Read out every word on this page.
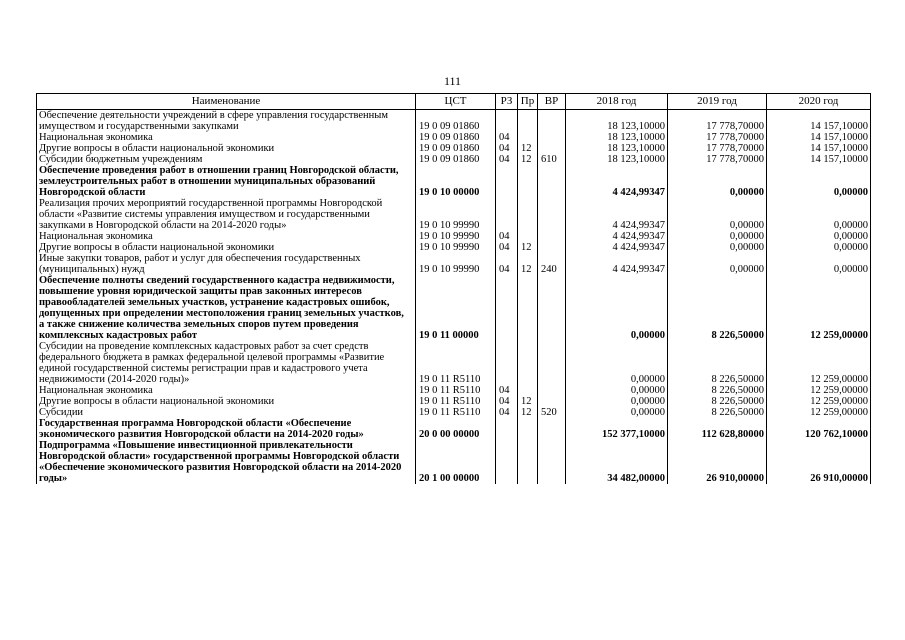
111
Наименование	ЦСТ	РЗ	Пр	ВР	2018 год	2019 год	2020 год
Обеспечение деятельности учреждений в сфере управления государственным имуществом и государственными закупками	19 0 09 01860				18 123,10000	17 778,70000	14 157,10000
Национальная экономика	19 0 09 01860	04			18 123,10000	17 778,70000	14 157,10000
Другие вопросы в области национальной экономики	19 0 09 01860	04	12		18 123,10000	17 778,70000	14 157,10000
Субсидии бюджетным учреждениям	19 0 09 01860	04	12	610	18 123,10000	17 778,70000	14 157,10000
Обеспечение проведения работ в отношении границ Новгородской области, землеустроительных работ в отношении муниципальных образований Новгородской области	19 0 10 00000				4 424,99347	0,00000	0,00000
Реализация прочих мероприятий государственной программы Новгородской области «Развитие системы управления имуществом и государственными закупками в Новгородской области на 2014-2020 годы»	19 0 10 99990				4 424,99347	0,00000	0,00000
Национальная экономика	19 0 10 99990	04			4 424,99347	0,00000	0,00000
Другие вопросы в области национальной экономики	19 0 10 99990	04	12		4 424,99347	0,00000	0,00000
Иные закупки товаров, работ и услуг для обеспечения государственных (муниципальных) нужд	19 0 10 99990	04	12	240	4 424,99347	0,00000	0,00000
Обеспечение полноты сведений государственного кадастра недвижимости, повышение уровня юридической защиты прав законных интересов правообладателей земельных участков, устранение кадастровых ошибок, допущенных при определении местоположения границ земельных участков, а также снижение количества земельных споров путем проведения комплексных кадастровых работ	19 0 11 00000				0,00000	8 226,50000	12 259,00000
Субсидии на проведение комплексных кадастровых работ за счет средств федерального бюджета в рамках федеральной целевой программы «Развитие единой государственной системы регистрации прав и кадастрового учета недвижимости (2014-2020 годы)»	19 0 11 R5110				0,00000	8 226,50000	12 259,00000
Национальная экономика	19 0 11 R5110	04			0,00000	8 226,50000	12 259,00000
Другие вопросы в области национальной экономики	19 0 11 R5110	04	12		0,00000	8 226,50000	12 259,00000
Субсидии	19 0 11 R5110	04	12	520	0,00000	8 226,50000	12 259,00000
Государственная программа Новгородской области «Обеспечение экономического развития Новгородской области на 2014-2020 годы»	20 0 00 00000				152 377,10000	112 628,80000	120 762,10000
Подпрограмма «Повышение инвестиционной привлекательности Новгородской области» государственной программы Новгородской области «Обеспечение экономического развития Новгородской области на 2014-2020 годы»	20 1 00 00000				34 482,00000	26 910,00000	26 910,00000
